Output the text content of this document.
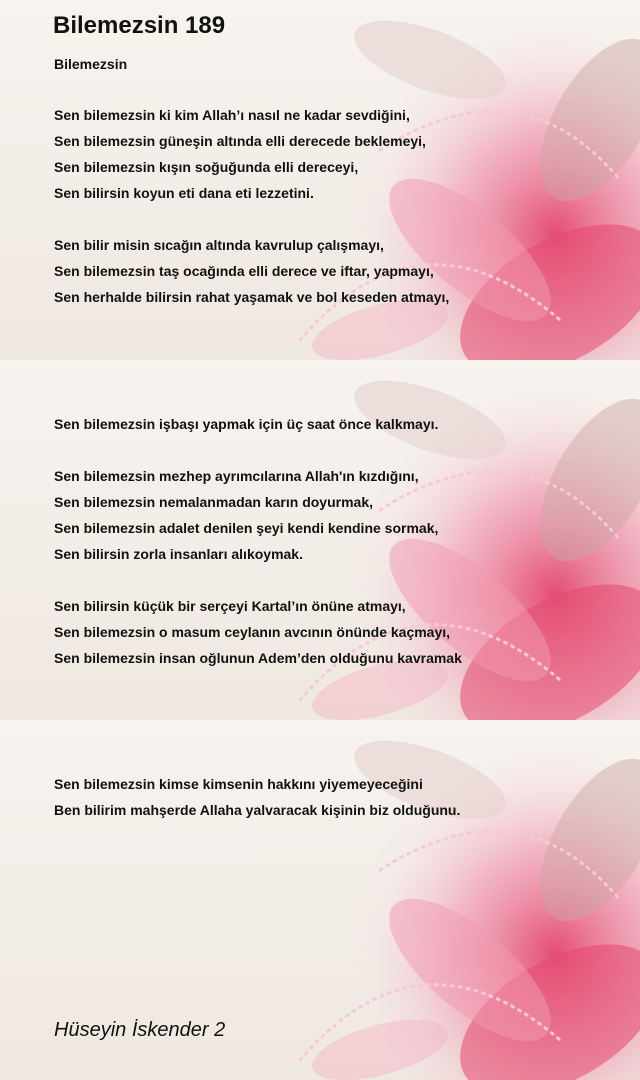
Bilemezsin 189
Bilemezsin
Sen bilemezsin ki kim Allah’ı nasıl ne kadar sevdiğini,
Sen bilemezsin güneşin altında elli derecede beklemeyi,
Sen bilemezsin kışın soğuğunda elli dereceyi,
Sen bilirsin koyun eti dana eti lezzetini.
Sen bilir misin sıcağın altında kavrulup çalışmayı,
Sen bilemezsin taş ocağında elli derece ve iftar, yapmayı,
Sen herhalde bilirsin rahat yaşamak ve bol keseden atmayı,
Sen bilemezsin işbaşı yapmak için üç saat önce kalkmayı.
Sen bilemezsin mezhep ayrımcılarına Allah'ın kızdığını,
Sen bilemezsin nemalanmadan karın doyurmak,
Sen bilemezsin adalet denilen şeyi kendi kendine sormak,
Sen bilirsin zorla insanları alıkoymak.
Sen bilirsin küçük bir serçeyi Kartal’ın önüne atmayı,
Sen bilemezsin o masum ceylanın avcının önünde kaçmayı,
Sen bilemezsin insan oğlunun Adem’den olduğunu kavramak
Sen bilemezsin kimse kimsenin hakkını yiyemeyeceğini
Ben bilirim mahşerde Allaha yalvaracak kişinin biz olduğunu.
Hüseyin İskender 2
